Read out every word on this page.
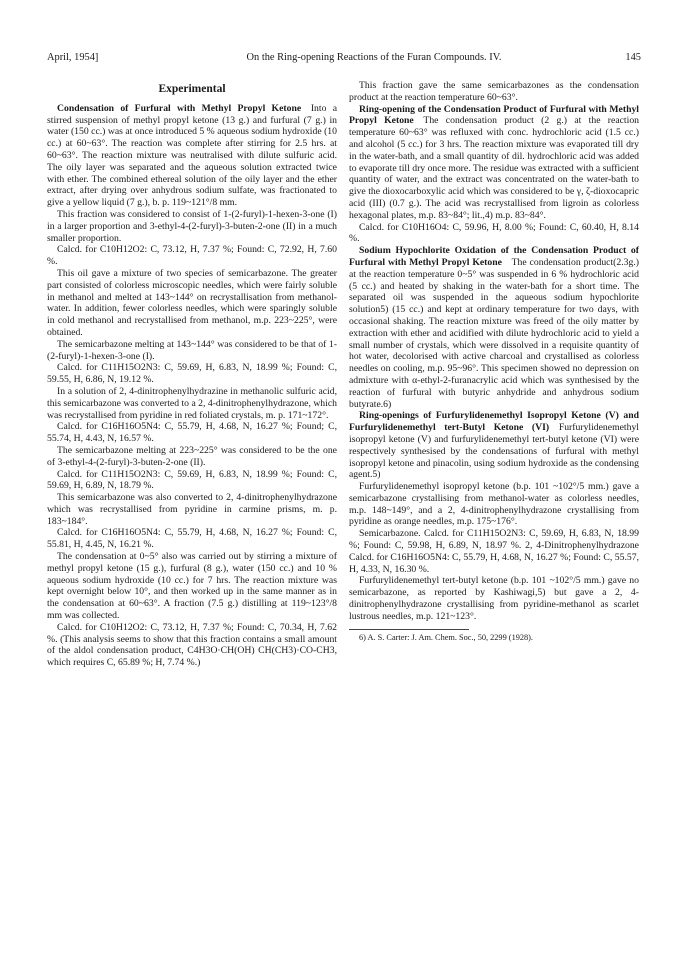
April, 1954]	On the Ring-opening Reactions of the Furan Compounds. IV.	145
Experimental

Condensation of Furfural with Methyl Propyl Ketone  Into a stirred suspension of methyl propyl ketone (13 g.) and furfural (7 g.) in water (150 cc.) was at once introduced 5 % aqueous sodium hydroxide (10 cc.) at 60~63°. The reaction was complete after stirring for 2.5 hrs. at 60~63°. The reaction mixture was neutralised with dilute sulfuric acid. The oily layer was separated and the aqueous solution extracted twice with ether. The combined ethereal solution of the oily layer and the ether extract, after drying over anhydrous sodium sulfate, was fractionated to give a yellow liquid (7 g.), b. p. 119~121°/8 mm.

This fraction was considered to consist of 1-(2-furyl)-1-hexen-3-one (I) in a larger proportion and 3-ethyl-4-(2-furyl)-3-buten-2-one (II) in a much smaller proportion.

Calcd. for C10H12O2: C, 73.12, H, 7.37 %; Found: C, 72.92, H, 7.60 %.

This oil gave a mixture of two species of semicarbazone. The greater part consisted of colorless microscopic needles, which were fairly soluble in methanol and melted at 143~144° on recrystallisation from methanol-water. In addition, fewer colorless needles, which were sparingly soluble in cold methanol and recrystallised from methanol, m.p. 223~225°, were obtained.

The semicarbazone melting at 143~144° was considered to be that of 1-(2-furyl)-1-hexen-3-one (I).

Calcd. for C11H15O2N3: C, 59.69, H, 6.83, N, 18.99 %; Found: C, 59.55, H, 6.86, N, 19.12 %.

In a solution of 2, 4-dinitrophenylhydrazine in methanolic sulfuric acid, this semicarbazone was converted to a 2, 4-dinitrophenylhydrazone, which was recrystallised from pyridine in red foliated crystals, m. p. 171~172°.

Calcd. for C16H16O5N4: C, 55.79, H, 4.68, N, 16.27 %; Found; C, 55.74, H, 4.43, N, 16.57 %.

The semicarbazone melting at 223~225° was considered to be the one of 3-ethyl-4-(2-furyl)-3-buten-2-one (II).

Calcd. for C11H15O2N3: C, 59.69, H, 6.83, N, 18.99 %; Found: C, 59.69, H, 6.89, N, 18.79 %.

This semicarbazone was also converted to 2, 4-dinitrophenylhydrazone which was recrystallised from pyridine in carmine prisms, m. p. 183~184°.

Calcd. for C16H16O5N4: C, 55.79, H, 4.68, N, 16.27 %; Found: C, 55.81, H, 4.45, N, 16.21 %.

The condensation at 0~5° also was carried out by stirring a mixture of methyl propyl ketone (15 g.), furfural (8 g.), water (150 cc.) and 10 % aqueous sodium hydroxide (10 cc.) for 7 hrs. The reaction mixture was kept overnight below 10°, and then worked up in the same manner as in the condensation at 60~63°. A fraction (7.5 g.) distilling at 119~123°/8 mm was collected.

Calcd. for C10H12O2: C, 73.12, H, 7.37 %; Found: C, 70.34, H, 7.62 %. (This analysis seems to show that this fraction contains a small amount of the aldol condensation product, C4H3O·CH(OH) CH(CH3)·CO-CH3, which requires C, 65.89 %; H, 7.74 %.)

This fraction gave the same semicarbazones as the condensation product at the reaction temperature 60~63°.

Ring-opening of the Condensation Product of Furfural with Methyl Propyl Ketone  The condensation product (2 g.) at the reaction temperature 60~63° was refluxed with conc. hydrochloric acid (1.5 cc.) and alcohol (5 cc.) for 3 hrs. The reaction mixture was evaporated till dry in the water-bath, and a small quantity of dil. hydrochloric acid was added to evaporate till dry once more. The residue was extracted with a sufficient quantity of water, and the extract was concentrated on the water-bath to give the dioxocarboxylic acid which was considered to be γ, ζ-dioxocapric acid (III) (0.7 g.). The acid was recrystallised from ligroin as colorless hexagonal plates, m.p. 83~84°; lit.,4) m.p. 83~84°.

Calcd. for C10H16O4: C, 59.96, H, 8.00 %; Found: C, 60.40, H, 8.14 %.

Sodium Hypochlorite Oxidation of the Condensation Product of Furfural with Methyl Propyl Ketone  The condensation product(2.3g.) at the reaction temperature 0~5° was suspended in 6 % hydrochloric acid (5 cc.) and heated by shaking in the water-bath for a short time. The separated oil was suspended in the aqueous sodium hypochlorite solution5) (15 cc.) and kept at ordinary temperature for two days, with occasional shaking. The reaction mixture was freed of the oily matter by extraction with ether and acidified with dilute hydrochloric acid to yield a small number of crystals, which were dissolved in a requisite quantity of hot water, decolorised with active charcoal and crystallised as colorless needles on cooling, m.p. 95~96°. This specimen showed no depression on admixture with α-ethyl-2-furanacrylic acid which was synthesised by the reaction of furfural with butyric anhydride and anhydrous sodium butyrate.6)

Ring-openings of Furfurylidenemethyl Isopropyl Ketone (V) and Furfurylidenemethyl tert-Butyl Ketone (VI)  Furfurylidenemethyl isopropyl ketone (V) and furfurylidenemethyl tert-butyl ketone (VI) were respectively synthesised by the condensations of furfural with methyl isopropyl ketone and pinacolin, using sodium hydroxide as the condensing agent.5)

Furfurylidenemethyl isopropyl ketone (b.p. 101 ~102°/5 mm.) gave a semicarbazone crystallising from methanol-water as colorless needles, m.p. 148~149°, and a 2, 4-dinitrophenylhydrazone crystallising from pyridine as orange needles, m.p. 175~176°.

Semicarbazone. Calcd. for C11H15O2N3: C, 59.69, H, 6.83, N, 18.99 %; Found: C, 59.98, H, 6.89, N, 18.97 %. 2, 4-Dinitrophenylhydrazone Calcd. for C16H16O5N4: C, 55.79, H, 4.68, N, 16.27 %; Found: C, 55.57, H, 4.33, N, 16.30 %.

Furfurylidenemethyl tert-butyl ketone (b.p. 101 ~102°/5 mm.) gave no semicarbazone, as reported by Kashiwagi,5) but gave a 2, 4-dinitrophenylhydrazone crystallising from pyridine-methanol as scarlet lustrous needles, m.p. 121~123°.

6) A. S. Carter: J. Am. Chem. Soc., 50, 2299 (1928).
